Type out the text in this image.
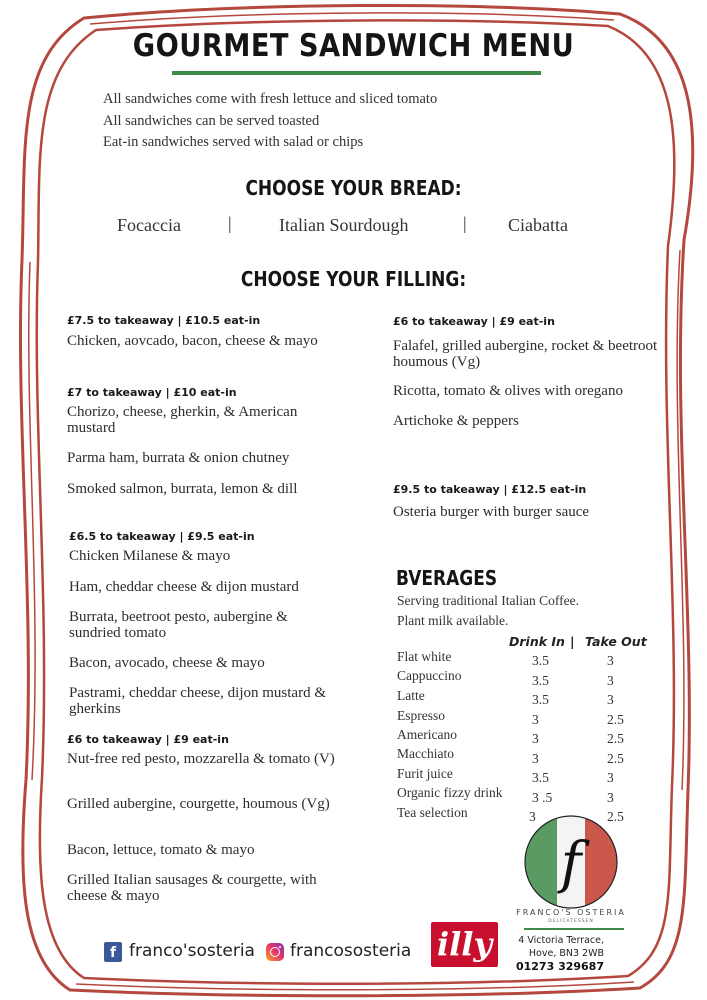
GOURMET SANDWICH MENU
All sandwiches come with fresh lettuce and sliced tomato
All sandwiches can be served toasted
Eat-in sandwiches served with salad or chips
CHOOSE YOUR BREAD:
Focaccia	|	Italian Sourdough	| Ciabatta
CHOOSE YOUR FILLING:
£7.5 to takeaway | £10.5 eat-in
Chicken, aovcado, bacon, cheese & mayo
£7 to takeaway | £10 eat-in
Chorizo, cheese, gherkin, & American mustard
Parma ham, burrata & onion chutney
Smoked salmon, burrata, lemon & dill
£6.5 to takeaway | £9.5 eat-in
Chicken Milanese & mayo
Ham, cheddar cheese & dijon mustard
Burrata, beetroot pesto, aubergine & sundried tomato
Bacon, avocado, cheese & mayo
Pastrami, cheddar cheese, dijon mustard & gherkins
£6 to takeaway | £9 eat-in
Nut-free red pesto, mozzarella & tomato (V)
Grilled aubergine, courgette, houmous (Vg)
Bacon, lettuce, tomato & mayo
Grilled Italian sausages & courgette, with cheese & mayo
£6 to takeaway | £9 eat-in
Falafel, grilled aubergine, rocket & beetroot houmous (Vg)
Ricotta, tomato & olives with oregano
Artichoke & peppers
£9.5 to takeaway | £12.5 eat-in
Osteria burger with burger sauce
BVERAGES
Serving traditional Italian Coffee.
Plant milk available.
Drink In | Take Out
Flat white	3.5	3
Cappuccino	3.5	3
Latte	3.5	3
Espresso	3	2.5
Americano	3	2.5
Macchiato	3	2.5
Furit juice	3.5	3
Organic fizzy drink 3 .5	3
Tea selection	3	2.5
f
FRANCO'S OSTERIA
DELICATESSEN
4 Victoria Terrace,
Hove, BN3 2WB
01273 329687
illy
f franco'sosteria francososteria
